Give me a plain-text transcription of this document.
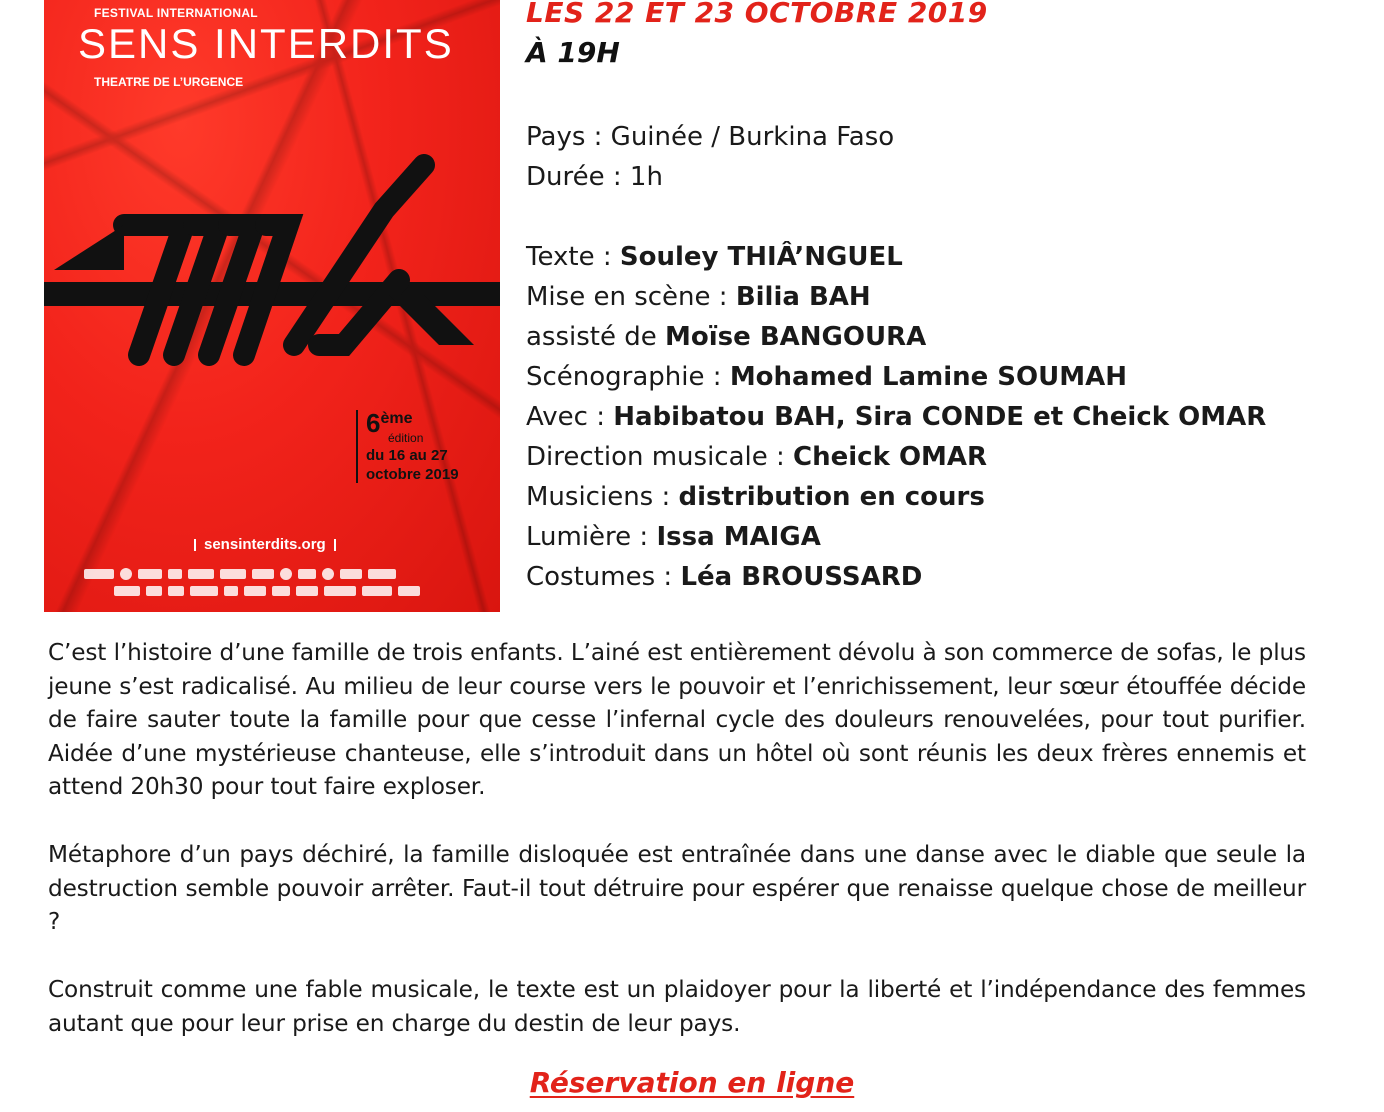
FESTIVAL INTERNATIONAL
SENS INTERDITS
THEATRE DE L’URGENCE
6ème
édition
du 16 au 27
octobre 2019
sensinterdits.org
LES 22 ET 23 OCTOBRE 2019
À 19H
Pays : Guinée / Burkina Faso
Durée : 1h
Texte : Souley THIÂ’NGUEL
Mise en scène : Bilia BAH
assisté de Moïse BANGOURA
Scénographie : Mohamed Lamine SOUMAH
Avec : Habibatou BAH, Sira CONDE et Cheick OMAR
Direction musicale : Cheick OMAR
Musiciens : distribution en cours
Lumière : Issa MAIGA
Costumes : Léa BROUSSARD

C’est l’histoire d’une famille de trois enfants. L’ainé est entièrement dévolu à son commerce de sofas, le plus jeune s’est radicalisé. Au milieu de leur course vers le pouvoir et l’enrichissement, leur sœur étouffée décide de faire sauter toute la famille pour que cesse l’infernal cycle des douleurs renouvelées, pour tout purifier. Aidée d’une mystérieuse chanteuse, elle s’introduit dans un hôtel où sont réunis les deux frères ennemis et attend 20h30 pour tout faire exploser.

Métaphore d’un pays déchiré, la famille disloquée est entraînée dans une danse avec le diable que seule la destruction semble pouvoir arrêter. Faut-il tout détruire pour espérer que renaisse quelque chose de meilleur ?

Construit comme une fable musicale, le texte est un plaidoyer pour la liberté et l’indépendance des femmes autant que pour leur prise en charge du destin de leur pays.

Réservation en ligne
